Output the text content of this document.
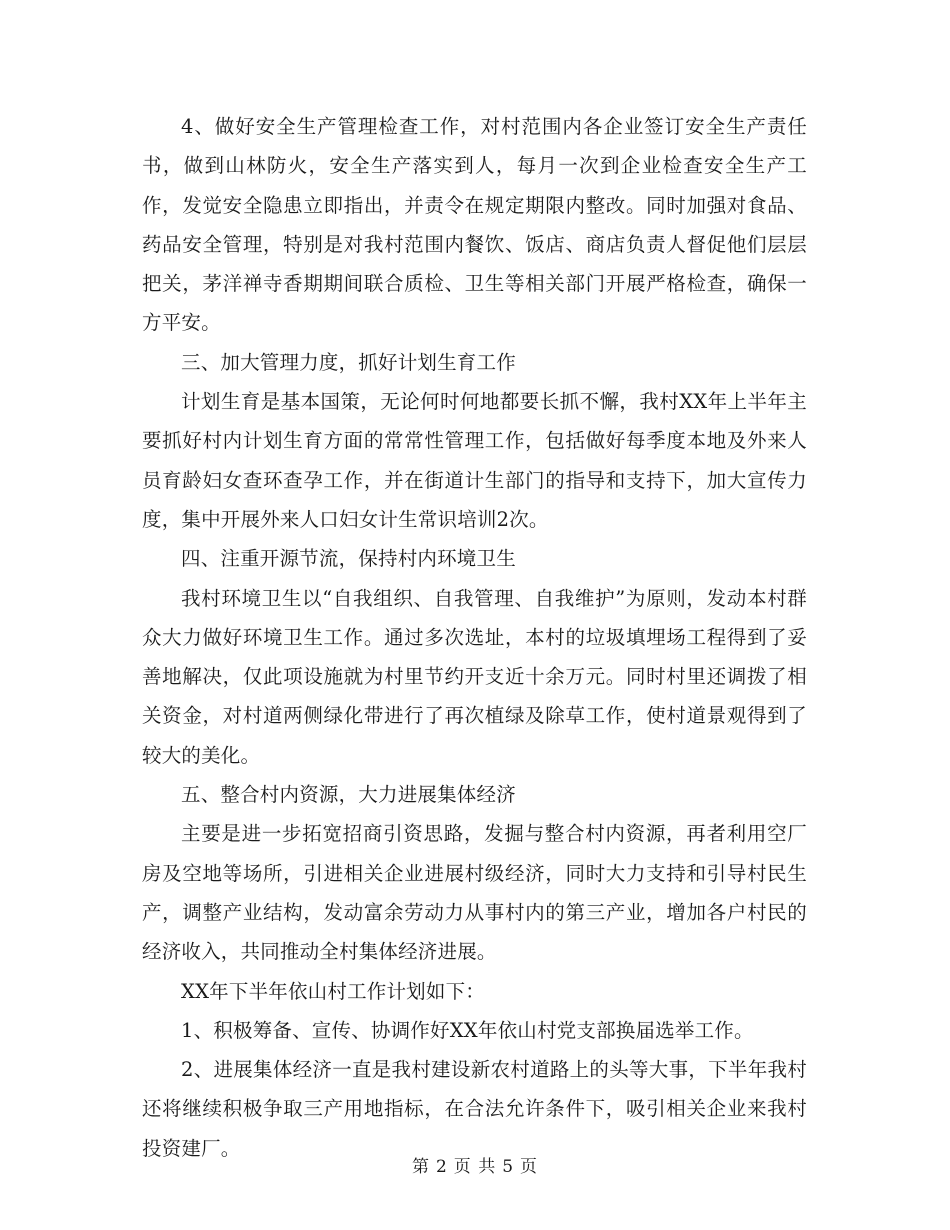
4、做好安全生产管理检查工作，对村范围内各企业签订安全生产责任书，做到山林防火，安全生产落实到人，每月一次到企业检查安全生产工作，发觉安全隐患立即指出，并责令在规定期限内整改。同时加强对食品、药品安全管理，特别是对我村范围内餐饮、饭店、商店负责人督促他们层层把关，茅洋禅寺香期期间联合质检、卫生等相关部门开展严格检查，确保一方平安。

三、加大管理力度，抓好计划生育工作

计划生育是基本国策，无论何时何地都要长抓不懈，我村XX年上半年主要抓好村内计划生育方面的常常性管理工作，包括做好每季度本地及外来人员育龄妇女查环查孕工作，并在街道计生部门的指导和支持下，加大宣传力度，集中开展外来人口妇女计生常识培训2次。

四、注重开源节流，保持村内环境卫生

我村环境卫生以“自我组织、自我管理、自我维护”为原则，发动本村群众大力做好环境卫生工作。通过多次选址，本村的垃圾填埋场工程得到了妥善地解决，仅此项设施就为村里节约开支近十余万元。同时村里还调拨了相关资金，对村道两侧绿化带进行了再次植绿及除草工作，使村道景观得到了较大的美化。

五、整合村内资源，大力进展集体经济

主要是进一步拓宽招商引资思路，发掘与整合村内资源，再者利用空厂房及空地等场所，引进相关企业进展村级经济，同时大力支持和引导村民生产，调整产业结构，发动富余劳动力从事村内的第三产业，增加各户村民的经济收入，共同推动全村集体经济进展。

XX年下半年依山村工作计划如下：

1、积极筹备、宣传、协调作好XX年依山村党支部换届选举工作。

2、进展集体经济一直是我村建设新农村道路上的头等大事，下半年我村还将继续积极争取三产用地指标，在合法允许条件下，吸引相关企业来我村投资建厂。

第 2 页 共 5 页
